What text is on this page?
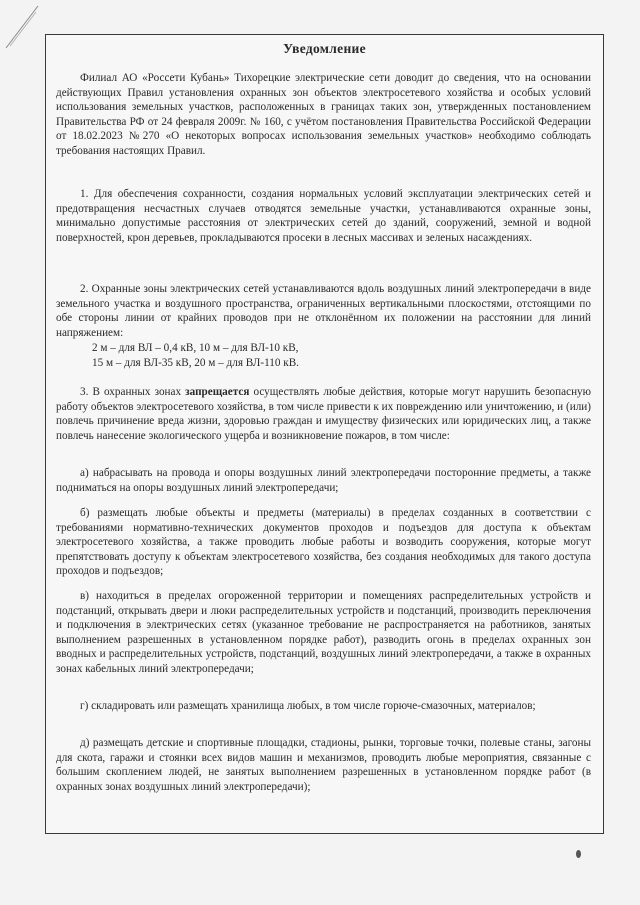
Уведомление
Филиал АО «Россети Кубань» Тихорецкие электрические сети доводит до сведения, что на основании действующих Правил установления охранных зон объектов электросетевого хозяйства и особых условий использования земельных участков, расположенных в границах таких зон, утвержденных постановлением Правительства РФ от 24 февраля 2009г. № 160, с учётом постановления Правительства Российской Федерации от 18.02.2023 №270 «О некоторых вопросах использования земельных участков» необходимо соблюдать требования настоящих Правил.
1. Для обеспечения сохранности, создания нормальных условий эксплуатации электрических сетей и предотвращения несчастных случаев отводятся земельные участки, устанавливаются охранные зоны, минимально допустимые расстояния от электрических сетей до зданий, сооружений, земной и водной поверхностей, крон деревьев, прокладываются просеки в лесных массивах и зеленых насаждениях.
2. Охранные зоны электрических сетей устанавливаются вдоль воздушных линий электропередачи в виде земельного участка и воздушного пространства, ограниченных вертикальными плоскостями, отстоящими по обе стороны линии от крайних проводов при не отклонённом их положении на расстоянии для линий напряжением:
2 м – для ВЛ – 0,4 кВ, 10 м – для ВЛ-10 кВ,
15 м – для ВЛ-35 кВ, 20 м – для ВЛ-110 кВ.
3. В охранных зонах запрещается осуществлять любые действия, которые могут нарушить безопасную работу объектов электросетевого хозяйства, в том числе привести к их повреждению или уничтожению, и (или) повлечь причинение вреда жизни, здоровью граждан и имуществу физических или юридических лиц, а также повлечь нанесение экологического ущерба и возникновение пожаров, в том числе:
а) набрасывать на провода и опоры воздушных линий электропередачи посторонние предметы, а также подниматься на опоры воздушных линий электропередачи;
б) размещать любые объекты и предметы (материалы) в пределах созданных в соответствии с требованиями нормативно-технических документов проходов и подъездов для доступа к объектам электросетевого хозяйства, а также проводить любые работы и возводить сооружения, которые могут препятствовать доступу к объектам электросетевого хозяйства, без создания необходимых для такого доступа проходов и подъездов;
в) находиться в пределах огороженной территории и помещениях распределительных устройств и подстанций, открывать двери и люки распределительных устройств и подстанций, производить переключения и подключения в электрических сетях (указанное требование не распространяется на работников, занятых выполнением разрешенных в установленном порядке работ), разводить огонь в пределах охранных зон вводных и распределительных устройств, подстанций, воздушных линий электропередачи, а также в охранных зонах кабельных линий электропередачи;
г) складировать или размещать хранилища любых, в том числе горюче-смазочных, материалов;
д) размещать детские и спортивные площадки, стадионы, рынки, торговые точки, полевые станы, загоны для скота, гаражи и стоянки всех видов машин и механизмов, проводить любые мероприятия, связанные с большим скоплением людей, не занятых выполнением разрешенных в установленном порядке работ (в охранных зонах воздушных линий электропередачи);
